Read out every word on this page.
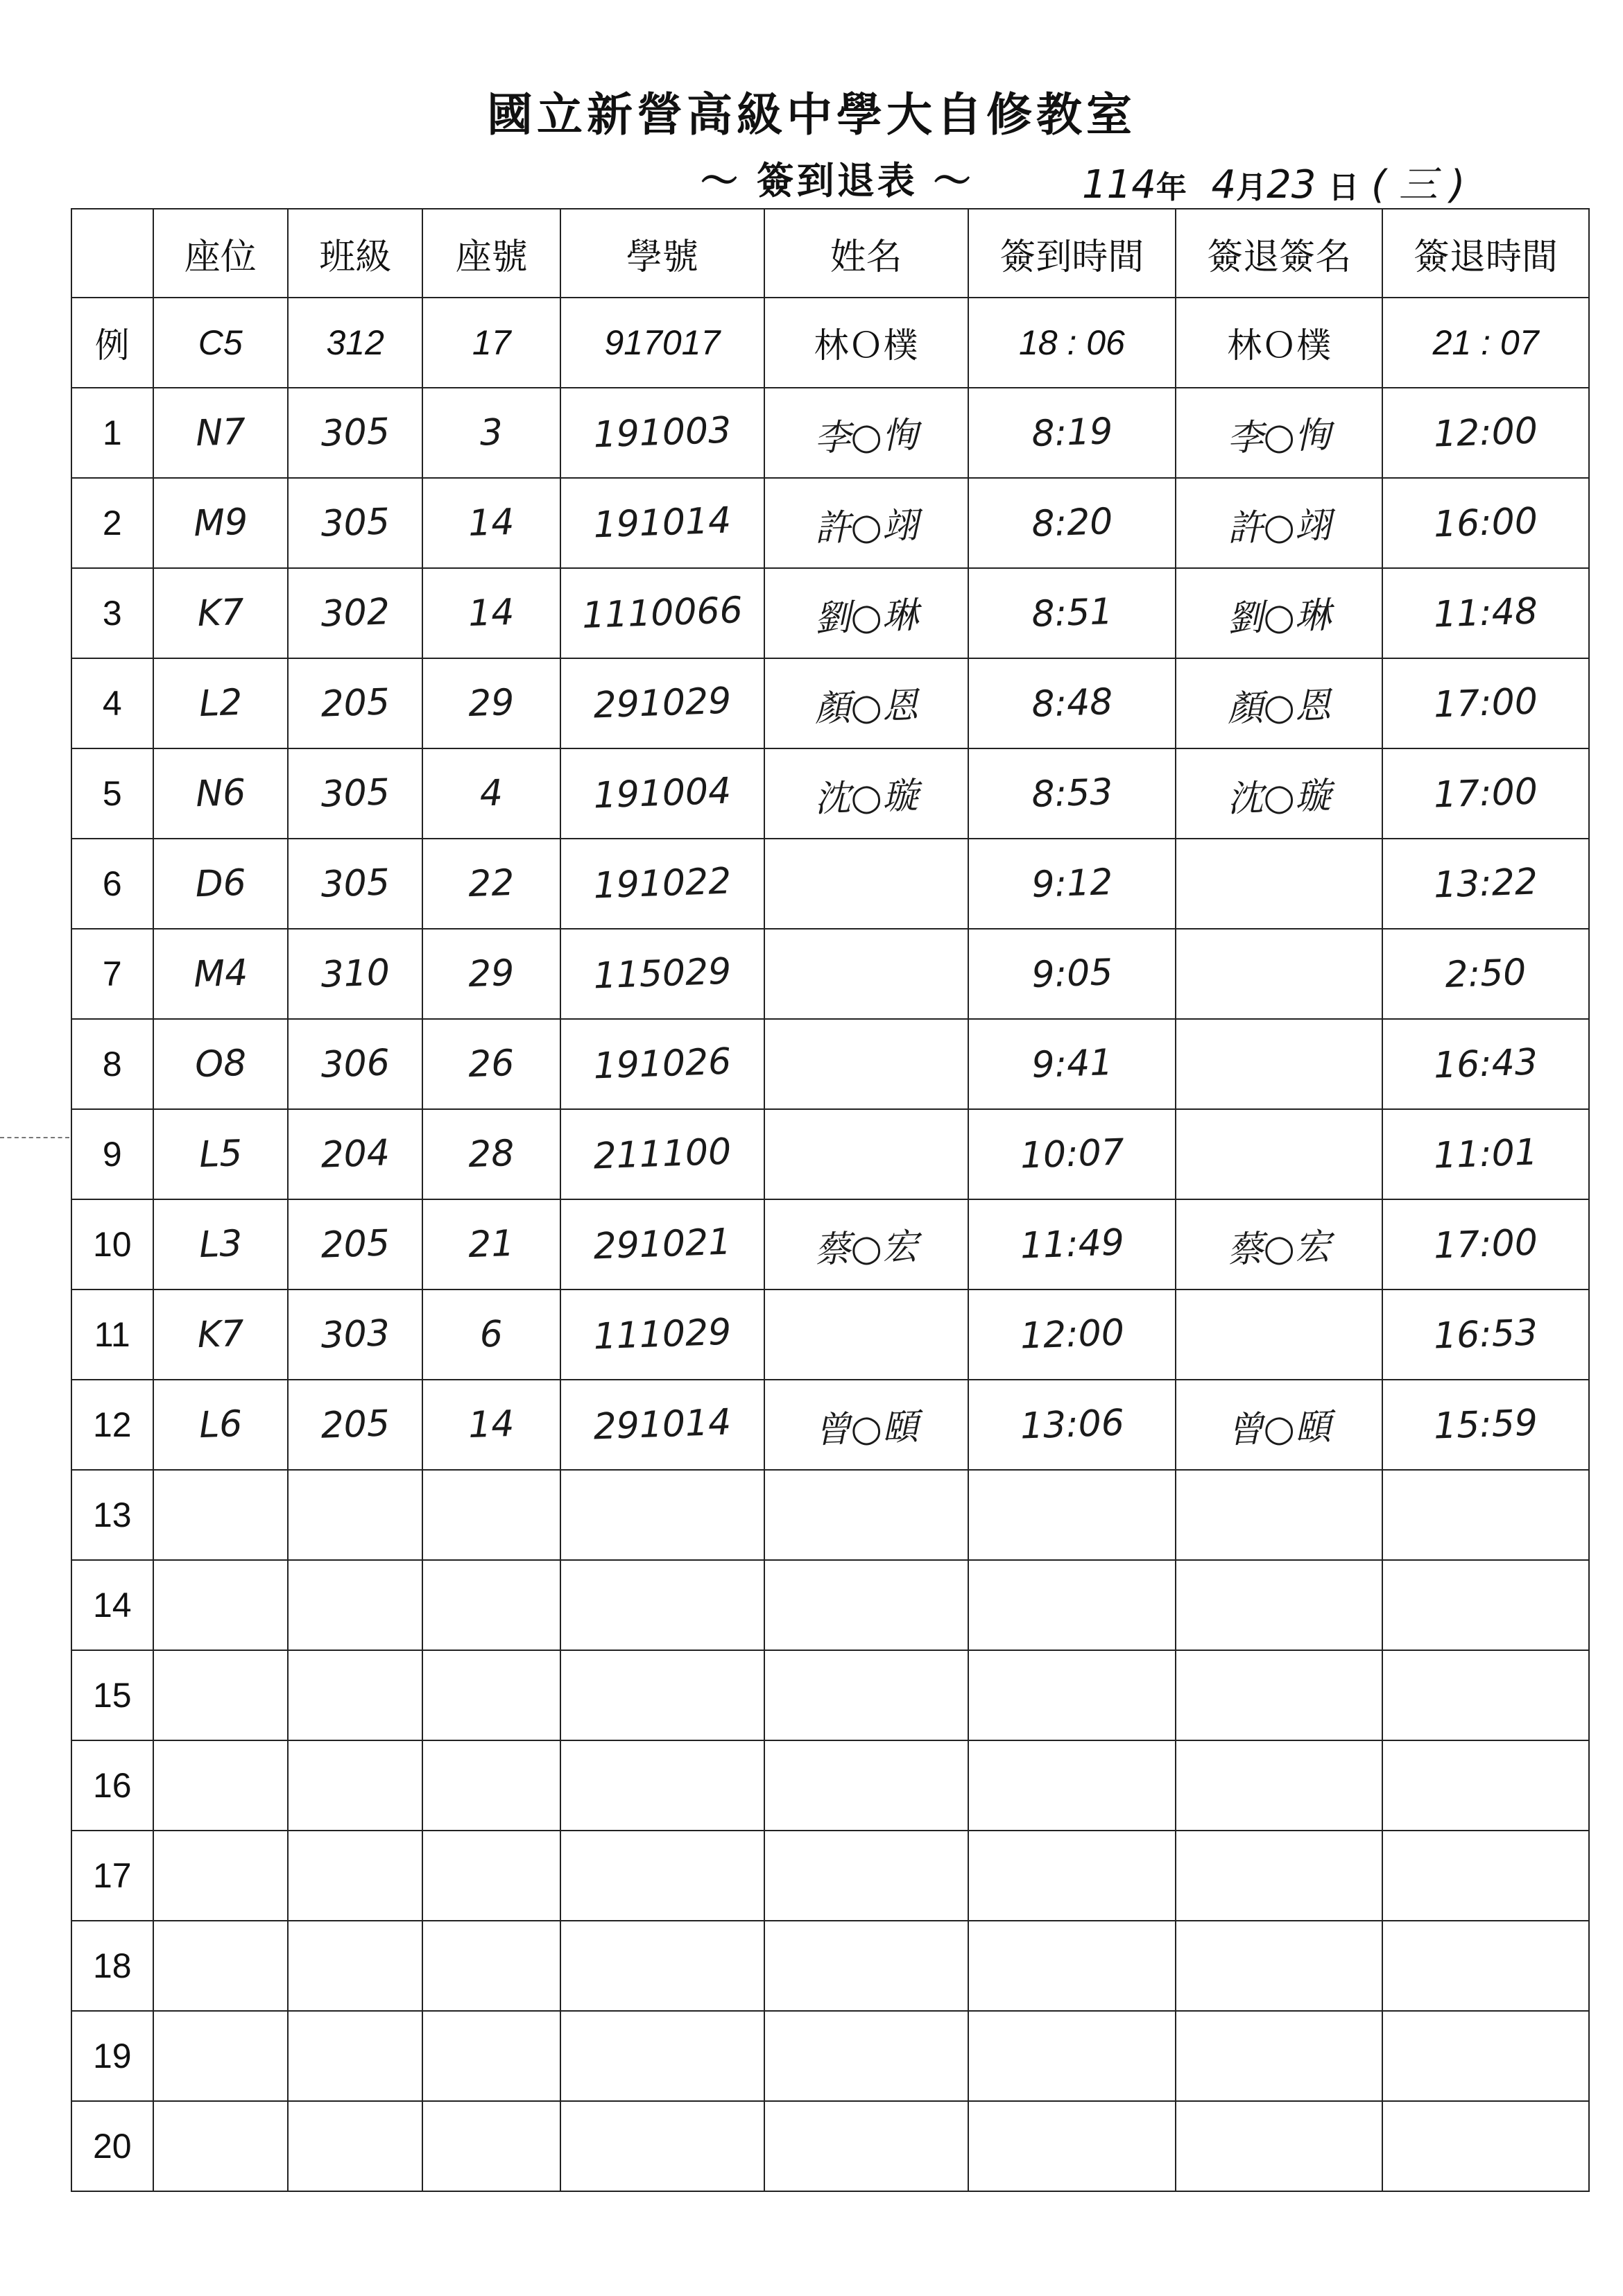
國立新營高級中學大自修教室
～ 簽到退表 ～	114年 4月23 日 ( 三 )
	座位	班級	座號	學號	姓名	簽到時間	簽退簽名	簽退時間
例	C5	312	17	917017	林Ｏ樸	18 : 06	林Ｏ樸	21 : 07
1	N7	305	3	191003	李○恂	8:19	李○恂	12:00
2	M9	305	14	191014	許○翊	8:20	許○翊	16:00
3	K7	302	14	1110066	劉○琳	8:51	劉○琳	11:48
4	L2	205	29	291029	顏○恩	8:48	顏○恩	17:00
5	N6	305	4	191004	沈○璇	8:53	沈○璇	17:00
6	D6	305	22	191022		9:12		13:22
7	M4	310	29	115029		9:05		2:50
8	O8	306	26	191026		9:41		16:43
9	L5	204	28	211100		10:07		11:01
10	L3	205	21	291021	蔡○宏	11:49	蔡○宏	17:00
11	K7	303	6	111029		12:00		16:53
12	L6	205	14	291014	曾○頤	13:06	曾○頤	15:59
13								
14								
15								
16								
17								
18								
19								
20								
